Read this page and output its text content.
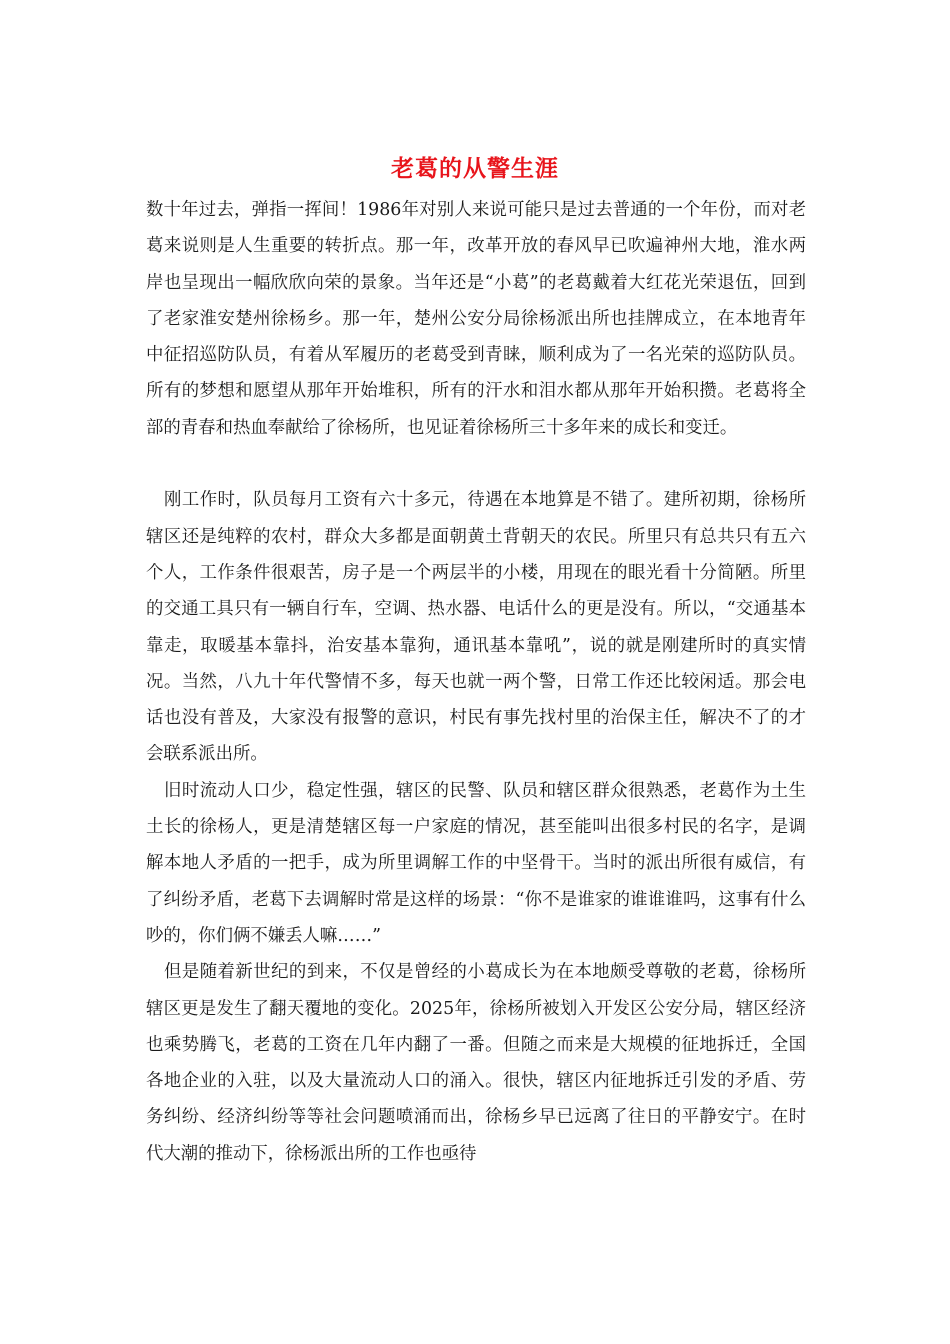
老葛的从警生涯

数十年过去，弹指一挥间！1986年对别人来说可能只是过去普通的一个年份，而对老葛来说则是人生重要的转折点。那一年，改革开放的春风早已吹遍神州大地，淮水两岸也呈现出一幅欣欣向荣的景象。当年还是“小葛”的老葛戴着大红花光荣退伍，回到了老家淮安楚州徐杨乡。那一年，楚州公安分局徐杨派出所也挂牌成立，在本地青年中征招巡防队员，有着从军履历的老葛受到青睐，顺利成为了一名光荣的巡防队员。所有的梦想和愿望从那年开始堆积，所有的汗水和泪水都从那年开始积攒。老葛将全部的青春和热血奉献给了徐杨所，也见证着徐杨所三十多年来的成长和变迁。

刚工作时，队员每月工资有六十多元，待遇在本地算是不错了。建所初期，徐杨所辖区还是纯粹的农村，群众大多都是面朝黄土背朝天的农民。所里只有总共只有五六个人，工作条件很艰苦，房子是一个两层半的小楼，用现在的眼光看十分简陋。所里的交通工具只有一辆自行车，空调、热水器、电话什么的更是没有。所以，“交通基本靠走，取暖基本靠抖，治安基本靠狗，通讯基本靠吼”，说的就是刚建所时的真实情况。当然，八九十年代警情不多，每天也就一两个警，日常工作还比较闲适。那会电话也没有普及，大家没有报警的意识，村民有事先找村里的治保主任，解决不了的才会联系派出所。

旧时流动人口少，稳定性强，辖区的民警、队员和辖区群众很熟悉，老葛作为土生土长的徐杨人，更是清楚辖区每一户家庭的情况，甚至能叫出很多村民的名字，是调解本地人矛盾的一把手，成为所里调解工作的中坚骨干。当时的派出所很有威信，有了纠纷矛盾，老葛下去调解时常是这样的场景：“你不是谁家的谁谁谁吗，这事有什么吵的，你们俩不嫌丢人嘛……”

但是随着新世纪的到来，不仅是曾经的小葛成长为在本地颇受尊敬的老葛，徐杨所辖区更是发生了翻天覆地的变化。2025年，徐杨所被划入开发区公安分局，辖区经济也乘势腾飞，老葛的工资在几年内翻了一番。但随之而来是大规模的征地拆迁，全国各地企业的入驻，以及大量流动人口的涌入。很快，辖区内征地拆迁引发的矛盾、劳务纠纷、经济纠纷等等社会问题喷涌而出，徐杨乡早已远离了往日的平静安宁。在时代大潮的推动下，徐杨派出所的工作也亟待
